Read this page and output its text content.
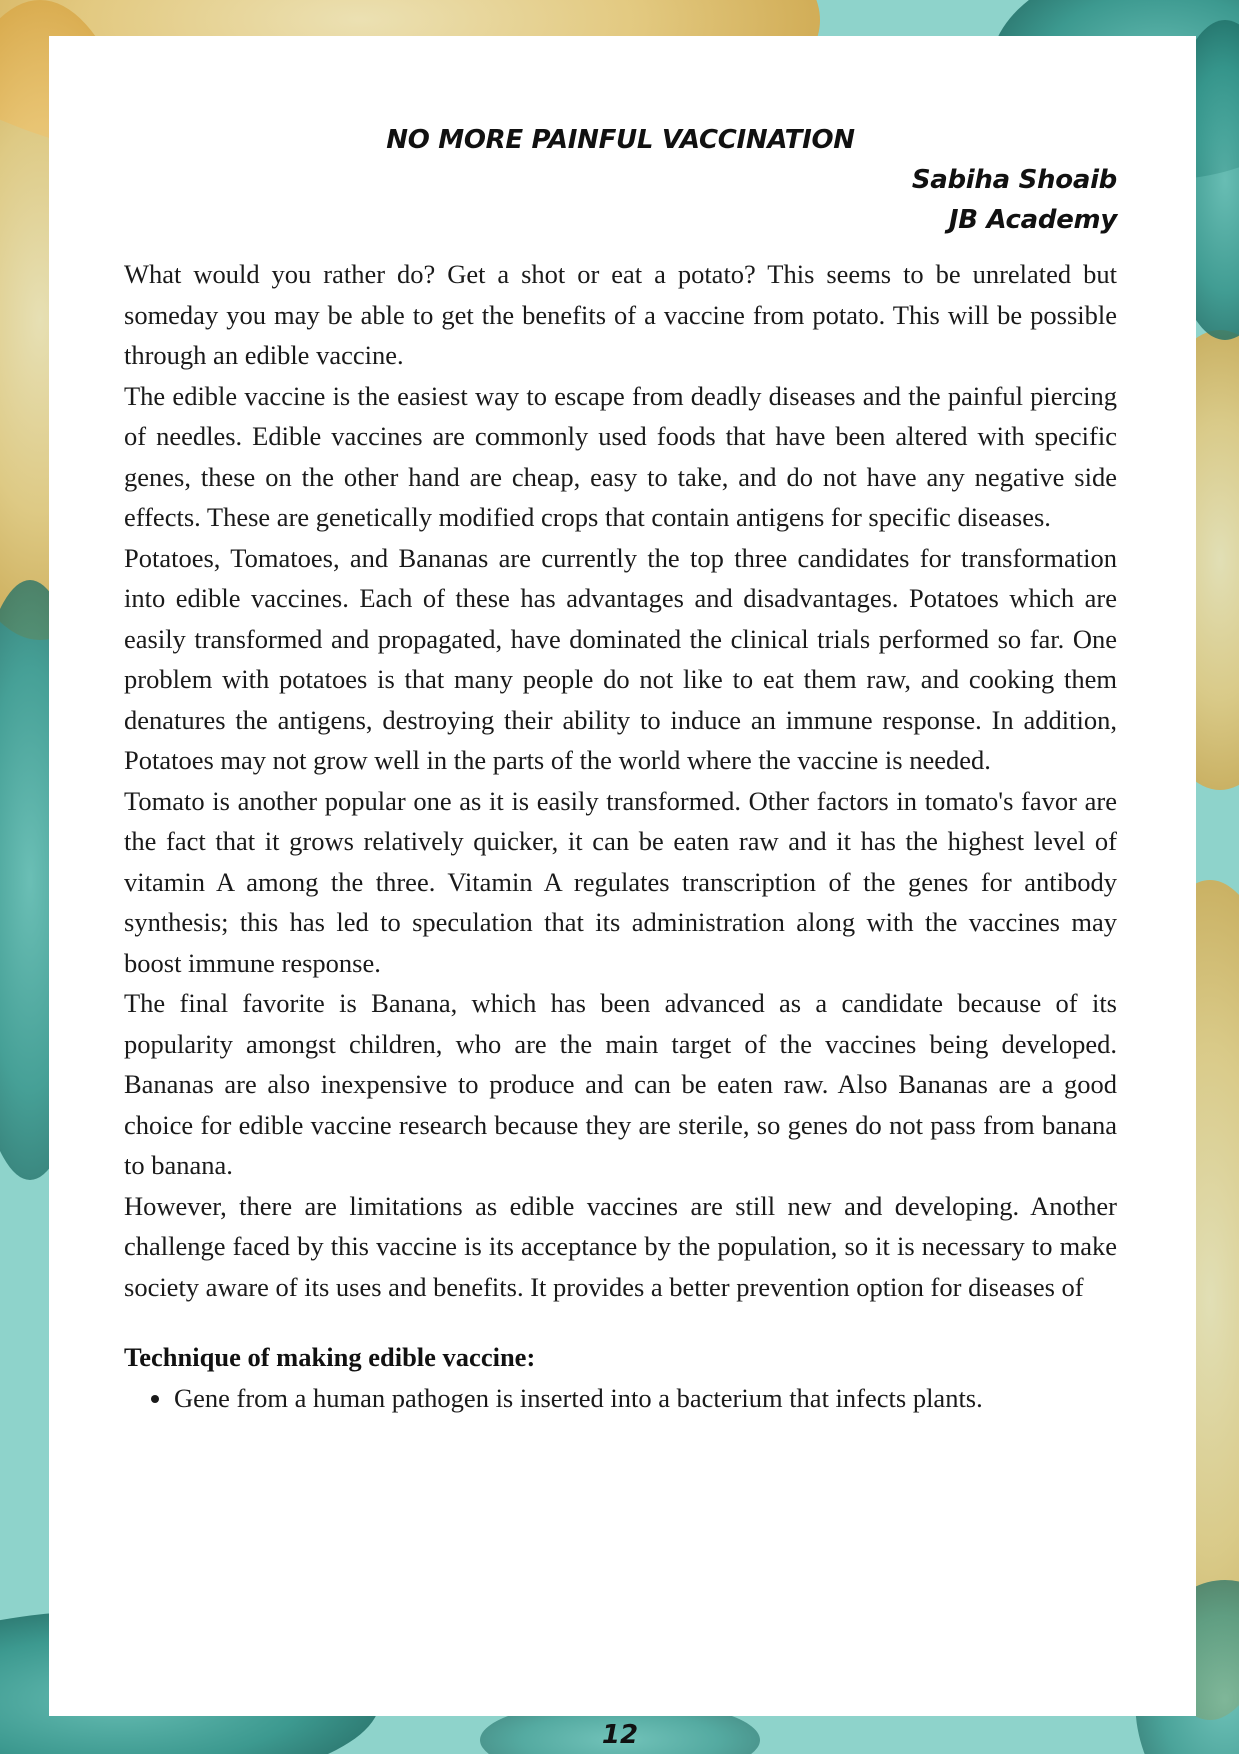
NO MORE PAINFUL VACCINATION
Sabiha Shoaib
JB Academy

What would you rather do? Get a shot or eat a potato? This seems to be unrelated but someday you may be able to get the benefits of a vaccine from potato. This will be possible through an edible vaccine.

The edible vaccine is the easiest way to escape from deadly diseases and the painful piercing of needles. Edible vaccines are commonly used foods that have been altered with specific genes, these on the other hand are cheap, easy to take, and do not have any negative side effects. These are genetically modified crops that contain antigens for specific diseases.

Potatoes, Tomatoes, and Bananas are currently the top three candidates for transformation into edible vaccines. Each of these has advantages and disadvantages. Potatoes which are easily transformed and propagated, have dominated the clinical trials performed so far. One problem with potatoes is that many people do not like to eat them raw, and cooking them denatures the antigens, destroying their ability to induce an immune response. In addition, Potatoes may not grow well in the parts of the world where the vaccine is needed.

Tomato is another popular one as it is easily transformed. Other factors in tomato's favor are the fact that it grows relatively quicker, it can be eaten raw and it has the highest level of vitamin A among the three. Vitamin A regulates transcription of the genes for antibody synthesis; this has led to speculation that its administration along with the vaccines may boost immune response.

The final favorite is Banana, which has been advanced as a candidate because of its popularity amongst children, who are the main target of the vaccines being developed. Bananas are also inexpensive to produce and can be eaten raw. Also Bananas are a good choice for edible vaccine research because they are sterile, so genes do not pass from banana to banana.

However, there are limitations as edible vaccines are still new and developing. Another challenge faced by this vaccine is its acceptance by the population, so it is necessary to make society aware of its uses and benefits. It provides a better prevention option for diseases of

Technique of making edible vaccine:
• Gene from a human pathogen is inserted into a bacterium that infects plants.
12
